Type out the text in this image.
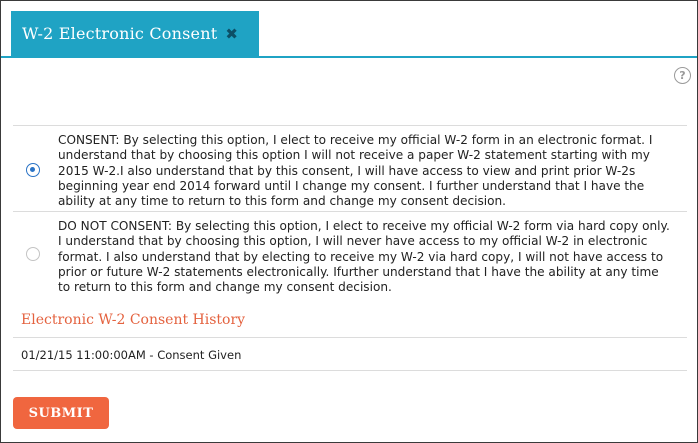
W-2 Electronic Consent ✖
?
CONSENT: By selecting this option, I elect to receive my official W-2 form in an electronic format. I understand that by choosing this option I will not receive a paper W-2 statement starting with my 2015 W-2.I also understand that by this consent, I will have access to view and print prior W-2s beginning year end 2014 forward until I change my consent. I further understand that I have the ability at any time to return to this form and change my consent decision.
DO NOT CONSENT: By selecting this option, I elect to receive my official W-2 form via hard copy only. I understand that by choosing this option, I will never have access to my official W-2 in electronic format. I also understand that by electing to receive my W-2 via hard copy, I will not have access to prior or future W-2 statements electronically. Ifurther understand that I have the ability at any time to return to this form and change my consent decision.
Electronic W-2 Consent History
01/21/15 11:00:00AM - Consent Given
SUBMIT
